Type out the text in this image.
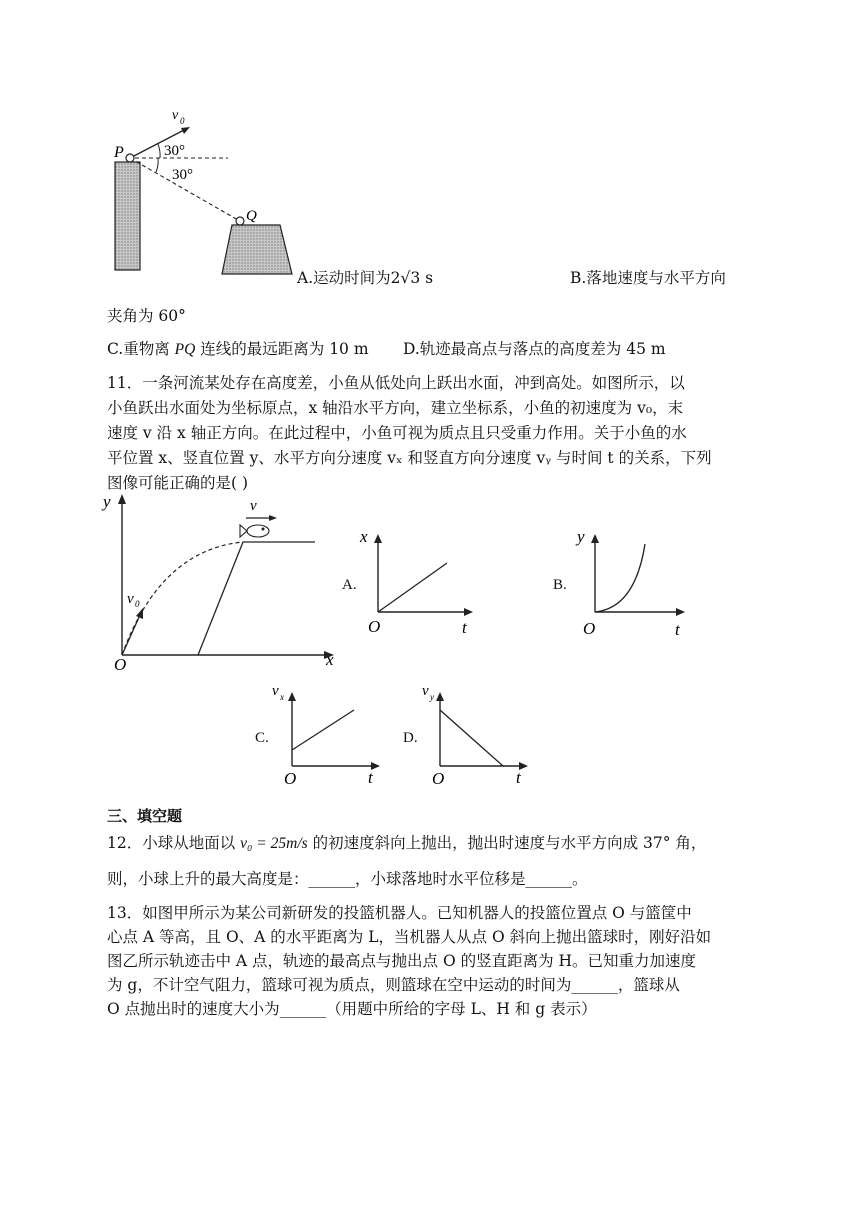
P
Q
v 0
30°
30°
A.运动时间为2√3 s	B.落地速度与水平方向
夹角为 60°
C.重物离 PQ 连线的最远距离为 10 m D.轨迹最高点与落点的高度差为 45 m
11．一条河流某处存在高度差，小鱼从低处向上跃出水面，冲到高处。如图所示，以
小鱼跃出水面处为坐标原点，x 轴沿水平方向，建立坐标系，小鱼的初速度为 v₀，末
速度 v 沿 x 轴正方向。在此过程中，小鱼可视为质点且只受重力作用。关于小鱼的水
平位置 x、竖直位置 y、水平方向分速度 vₓ 和竖直方向分速度 vᵧ 与时间 t 的关系，下列
图像可能正确的是( )
y
x
O
v 0
v
A.
x
t
O
B.
y
t
O
C.
v x
t
O
D.
v y
t
O
三、填空题
12．小球从地面以 v₀ = 25m/s 的初速度斜向上抛出，抛出时速度与水平方向成 37° 角，
则，小球上升的最大高度是：______，小球落地时水平位移是______。
13．如图甲所示为某公司新研发的投篮机器人。已知机器人的投篮位置点 O 与篮筐中
心点 A 等高，且 O、A 的水平距离为 L，当机器人从点 O 斜向上抛出篮球时，刚好沿如
图乙所示轨迹击中 A 点，轨迹的最高点与抛出点 O 的竖直距离为 H。已知重力加速度
为 g，不计空气阻力，篮球可视为质点，则篮球在空中运动的时间为______，篮球从
O 点抛出时的速度大小为______（用题中所给的字母 L、H 和 g 表示）
